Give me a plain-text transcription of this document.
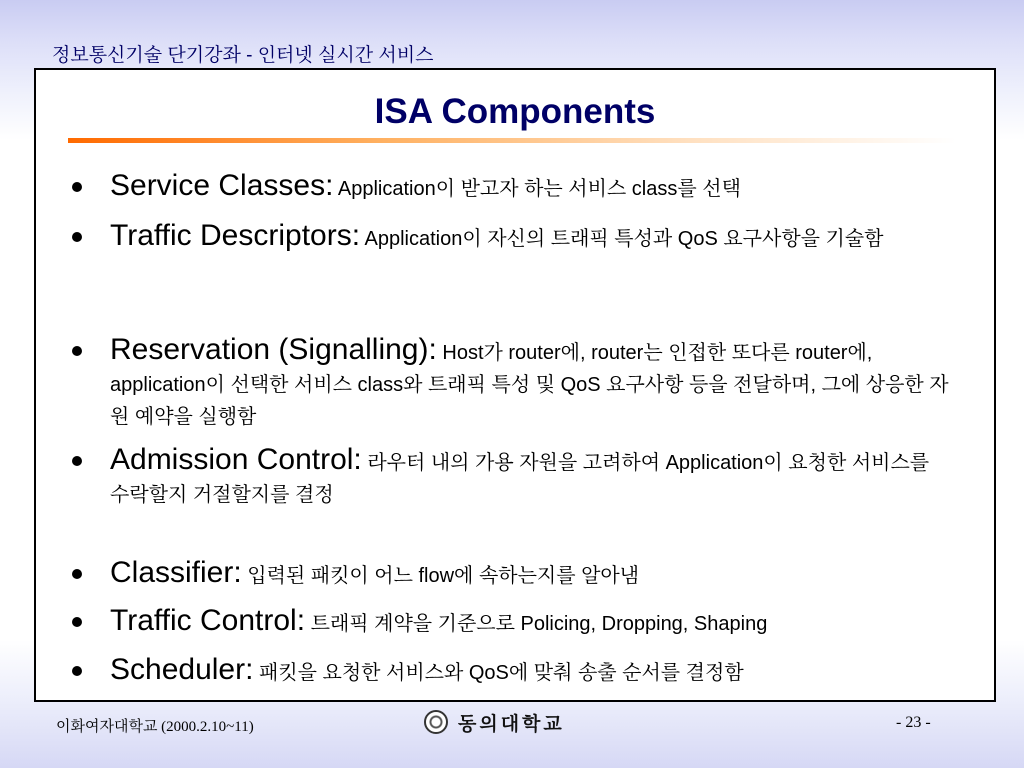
정보통신기술 단기강좌 - 인터넷 실시간 서비스
ISA Components
Service Classes: Application이 받고자 하는 서비스 class를 선택
Traffic Descriptors: Application이 자신의 트래픽 특성과 QoS 요구사항을 기술함
Reservation (Signalling): Host가 router에, router는 인접한 또다른 router에, application이 선택한 서비스 class와 트래픽 특성 및 QoS 요구사항 등을 전달하며, 그에 상응한 자원 예약을 실행함
Admission Control: 라우터 내의 가용 자원을 고려하여 Application이 요청한 서비스를 수락할지 거절할지를 결정
Classifier: 입력된 패킷이 어느 flow에 속하는지를 알아냄
Traffic Control: 트래픽 계약을 기준으로 Policing, Dropping, Shaping
Scheduler: 패킷을 요청한 서비스와 QoS에 맞춰 송출 순서를 결정함
이화여자대학교 (2000.2.10~11)	동의대학교	- 23 -
